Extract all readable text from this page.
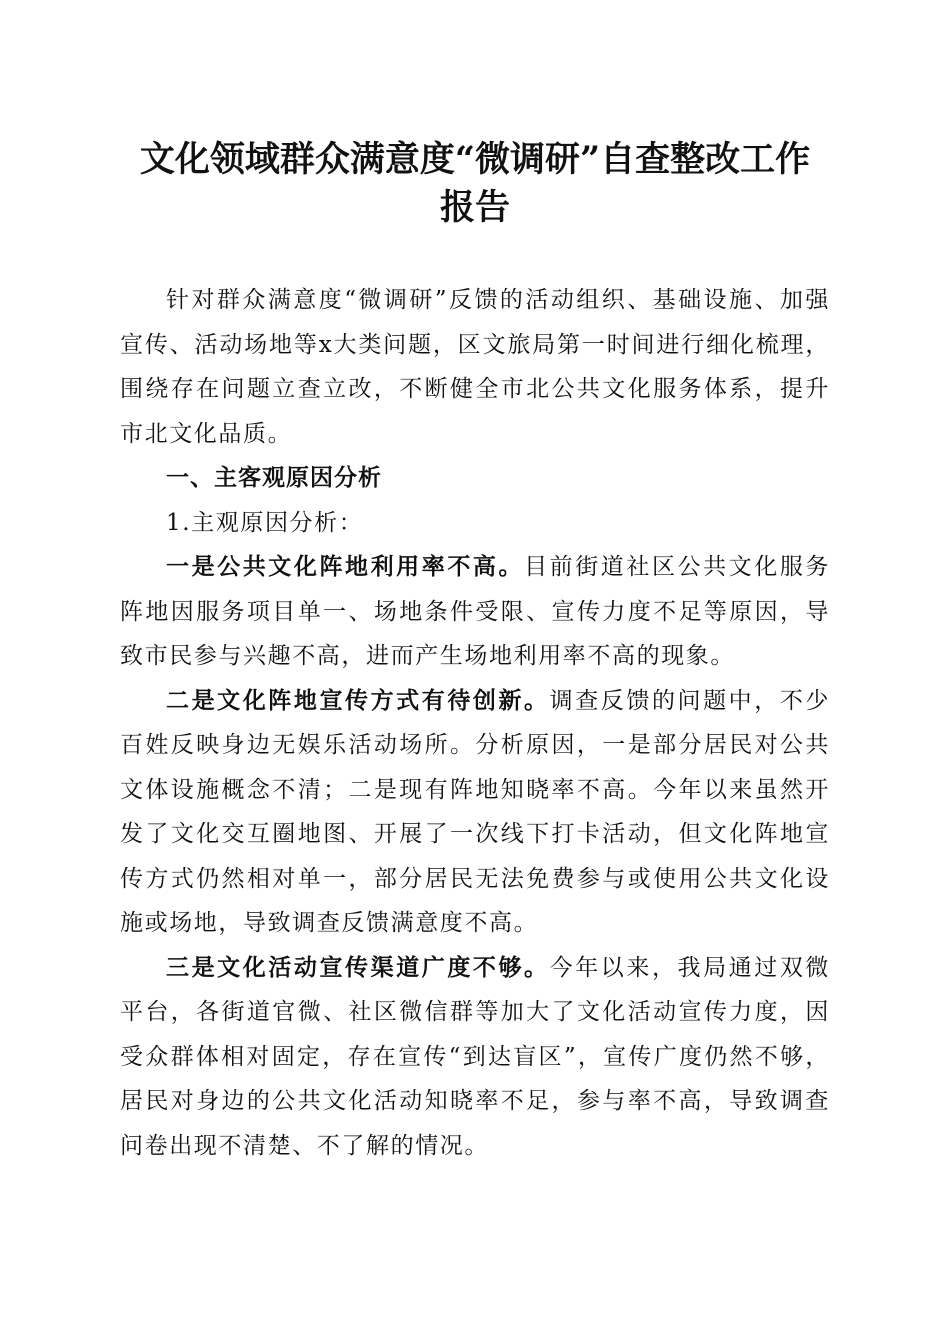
文化领域群众满意度“微调研”自查整改工作
报告

针对群众满意度“微调研”反馈的活动组织、基础设施、加强宣传、活动场地等x大类问题，区文旅局第一时间进行细化梳理，围绕存在问题立查立改，不断健全市北公共文化服务体系，提升市北文化品质。

一、主客观原因分析

1.主观原因分析：

一是公共文化阵地利用率不高。目前街道社区公共文化服务阵地因服务项目单一、场地条件受限、宣传力度不足等原因，导致市民参与兴趣不高，进而产生场地利用率不高的现象。

二是文化阵地宣传方式有待创新。调查反馈的问题中，不少百姓反映身边无娱乐活动场所。分析原因，一是部分居民对公共文体设施概念不清；二是现有阵地知晓率不高。今年以来虽然开发了文化交互圈地图、开展了一次线下打卡活动，但文化阵地宣传方式仍然相对单一，部分居民无法免费参与或使用公共文化设施或场地，导致调查反馈满意度不高。

三是文化活动宣传渠道广度不够。今年以来，我局通过双微平台，各街道官微、社区微信群等加大了文化活动宣传力度，因受众群体相对固定，存在宣传“到达盲区”，宣传广度仍然不够，居民对身边的公共文化活动知晓率不足，参与率不高，导致调查问卷出现不清楚、不了解的情况。
